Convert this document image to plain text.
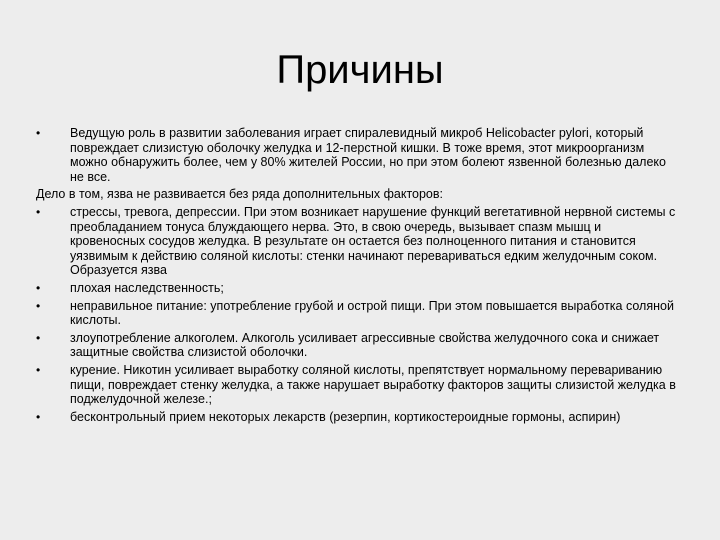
Причины
•	Ведущую роль в развитии заболевания играет спиралевидный микроб Helicobacter pylori, который повреждает слизистую оболочку желудка и 12-перстной кишки. В тоже время, этот микроорганизм можно обнаружить более, чем у 80% жителей России, но при этом болеют язвенной болезнью далеко не все.
Дело в том, язва не развивается без ряда дополнительных факторов:
•	стрессы, тревога, депрессии. При этом возникает нарушение функций вегетативной нервной системы с преобладанием тонуса блуждающего нерва. Это, в свою очередь, вызывает спазм мышц и кровеносных сосудов желудка. В результате он остается без полноценного питания и становится уязвимым к действию соляной кислоты: стенки начинают перевариваться едким желудочным соком. Образуется язва
•	плохая наследственность;
•	неправильное питание: употребление грубой и острой пищи. При этом повышается выработка соляной кислоты.
•	злоупотребление алкоголем. Алкоголь усиливает агрессивные свойства желудочного сока и снижает защитные свойства слизистой оболочки.
•	курение. Никотин усиливает выработку соляной кислоты, препятствует нормальному перевариванию пищи, повреждает стенку желудка, а также нарушает выработку факторов защиты слизистой желудка в поджелудочной железе.;
•	бесконтрольный прием некоторых лекарств (резерпин, кортикостероидные гормоны, аспирин)
